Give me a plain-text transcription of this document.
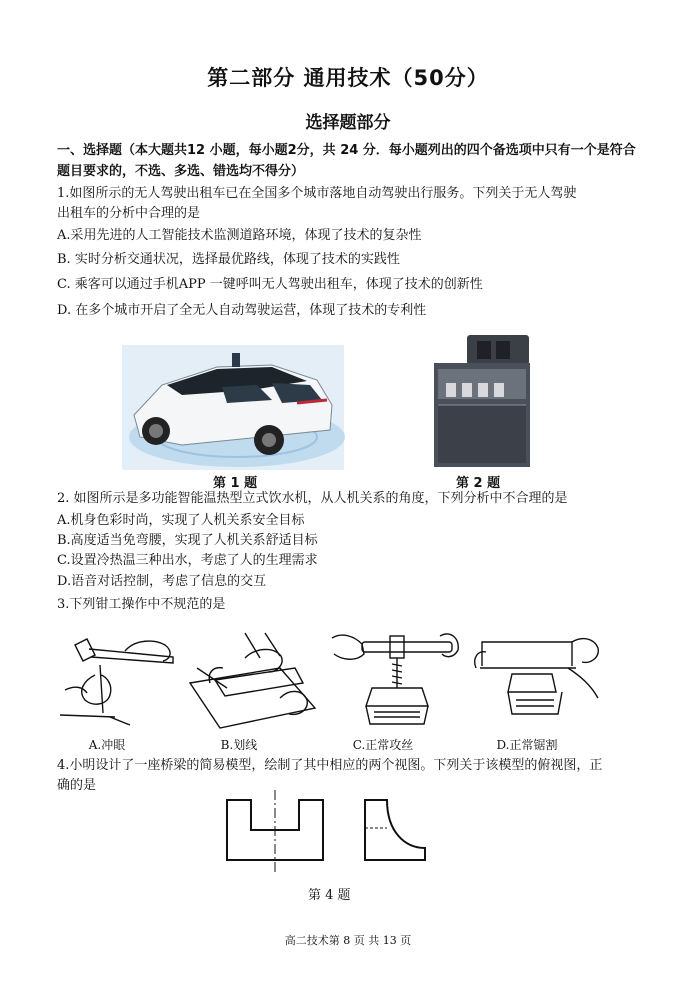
第二部分 通用技术（50分）
选择题部分
一、选择题（本大题共12 小题，每小题2分，共 24 分．每小题列出的四个备选项中只有一个是符合题目要求的，不选、多选、错选均不得分）
1.如图所示的无人驾驶出租车已在全国多个城市落地自动驾驶出行服务。下列关于无人驾驶
出租车的分析中合理的是
A.采用先进的人工智能技术监测道路环境，体现了技术的复杂性
B. 实时分析交通状况，选择最优路线，体现了技术的实践性
C. 乘客可以通过手机APP 一键呼叫无人驾驶出租车，体现了技术的创新性
D. 在多个城市开启了全无人自动驾驶运营，体现了技术的专利性
第 1 题	第 2 题
2. 如图所示是多功能智能温热型立式饮水机，从人机关系的角度，下列分析中不合理的是
A.机身色彩时尚，实现了人机关系安全目标
B.高度适当免弯腰，实现了人机关系舒适目标
C.设置冷热温三种出水，考虑了人的生理需求
D.语音对话控制，考虑了信息的交互
3.下列钳工操作中不规范的是
A.冲眼	B.划线	C.正常攻丝	D.正常锯割
4.小明设计了一座桥梁的简易模型，绘制了其中相应的两个视图。下列关于该模型的俯视图，正
确的是
第 4 题
高二技术第 8 页 共 13 页
